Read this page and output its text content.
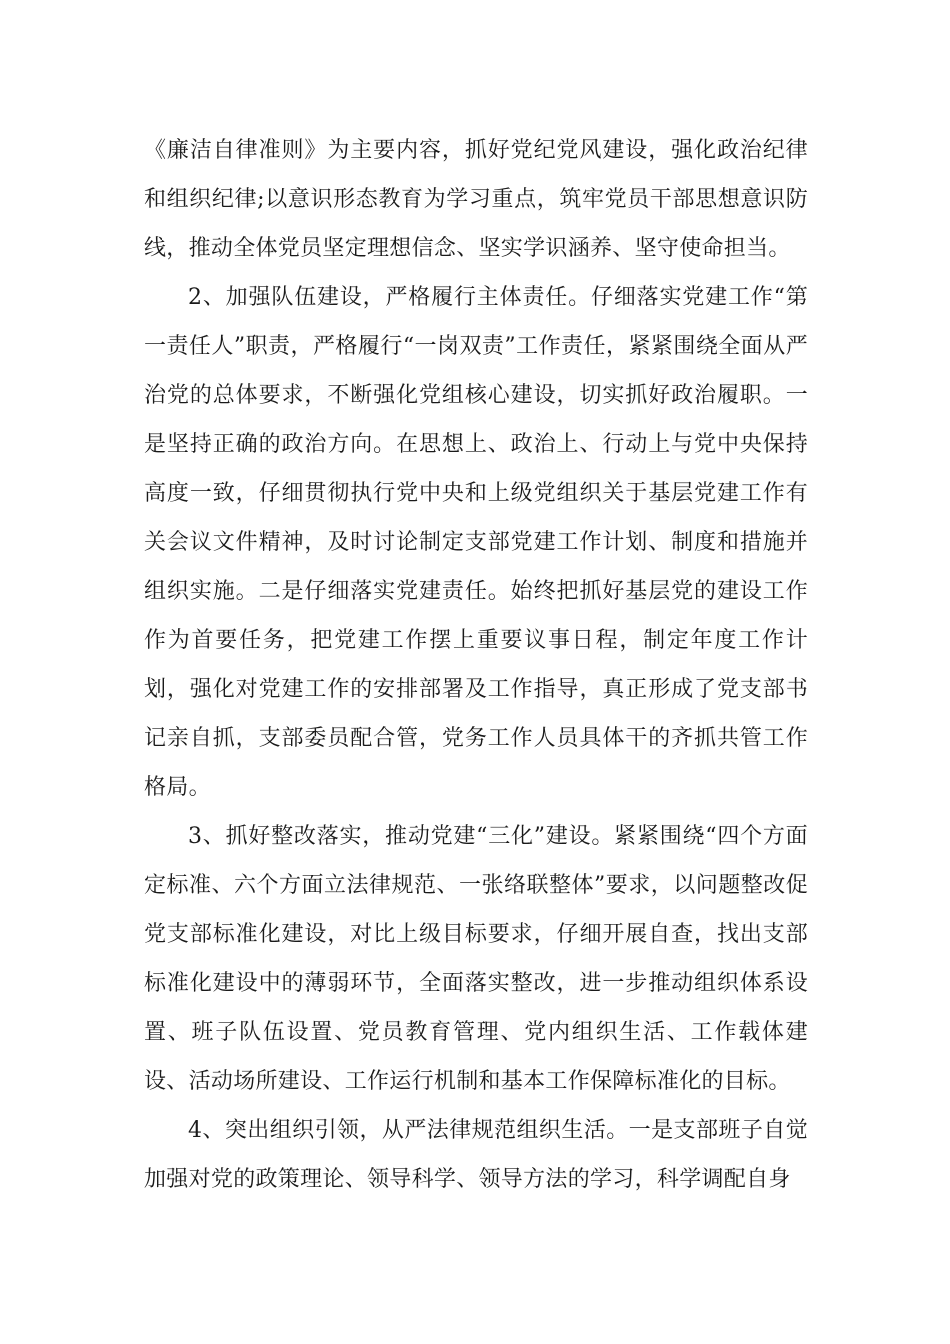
《廉洁自律准则》为主要内容，抓好党纪党风建设，强化政治纪律和组织纪律;以意识形态教育为学习重点，筑牢党员干部思想意识防线，推动全体党员坚定理想信念、坚实学识涵养、坚守使命担当。

2、加强队伍建设，严格履行主体责任。仔细落实党建工作“第一责任人”职责，严格履行“一岗双责”工作责任，紧紧围绕全面从严治党的总体要求，不断强化党组核心建设，切实抓好政治履职。一是坚持正确的政治方向。在思想上、政治上、行动上与党中央保持高度一致，仔细贯彻执行党中央和上级党组织关于基层党建工作有关会议文件精神，及时讨论制定支部党建工作计划、制度和措施并组织实施。二是仔细落实党建责任。始终把抓好基层党的建设工作作为首要任务，把党建工作摆上重要议事日程，制定年度工作计划，强化对党建工作的安排部署及工作指导，真正形成了党支部书记亲自抓，支部委员配合管，党务工作人员具体干的齐抓共管工作格局。

3、抓好整改落实，推动党建“三化”建设。紧紧围绕“四个方面定标准、六个方面立法律规范、一张络联整体”要求，以问题整改促党支部标准化建设，对比上级目标要求，仔细开展自查，找出支部标准化建设中的薄弱环节，全面落实整改，进一步推动组织体系设置、班子队伍设置、党员教育管理、党内组织生活、工作载体建设、活动场所建设、工作运行机制和基本工作保障标准化的目标。

4、突出组织引领，从严法律规范组织生活。一是支部班子自觉加强对党的政策理论、领导科学、领导方法的学习，科学调配自身
